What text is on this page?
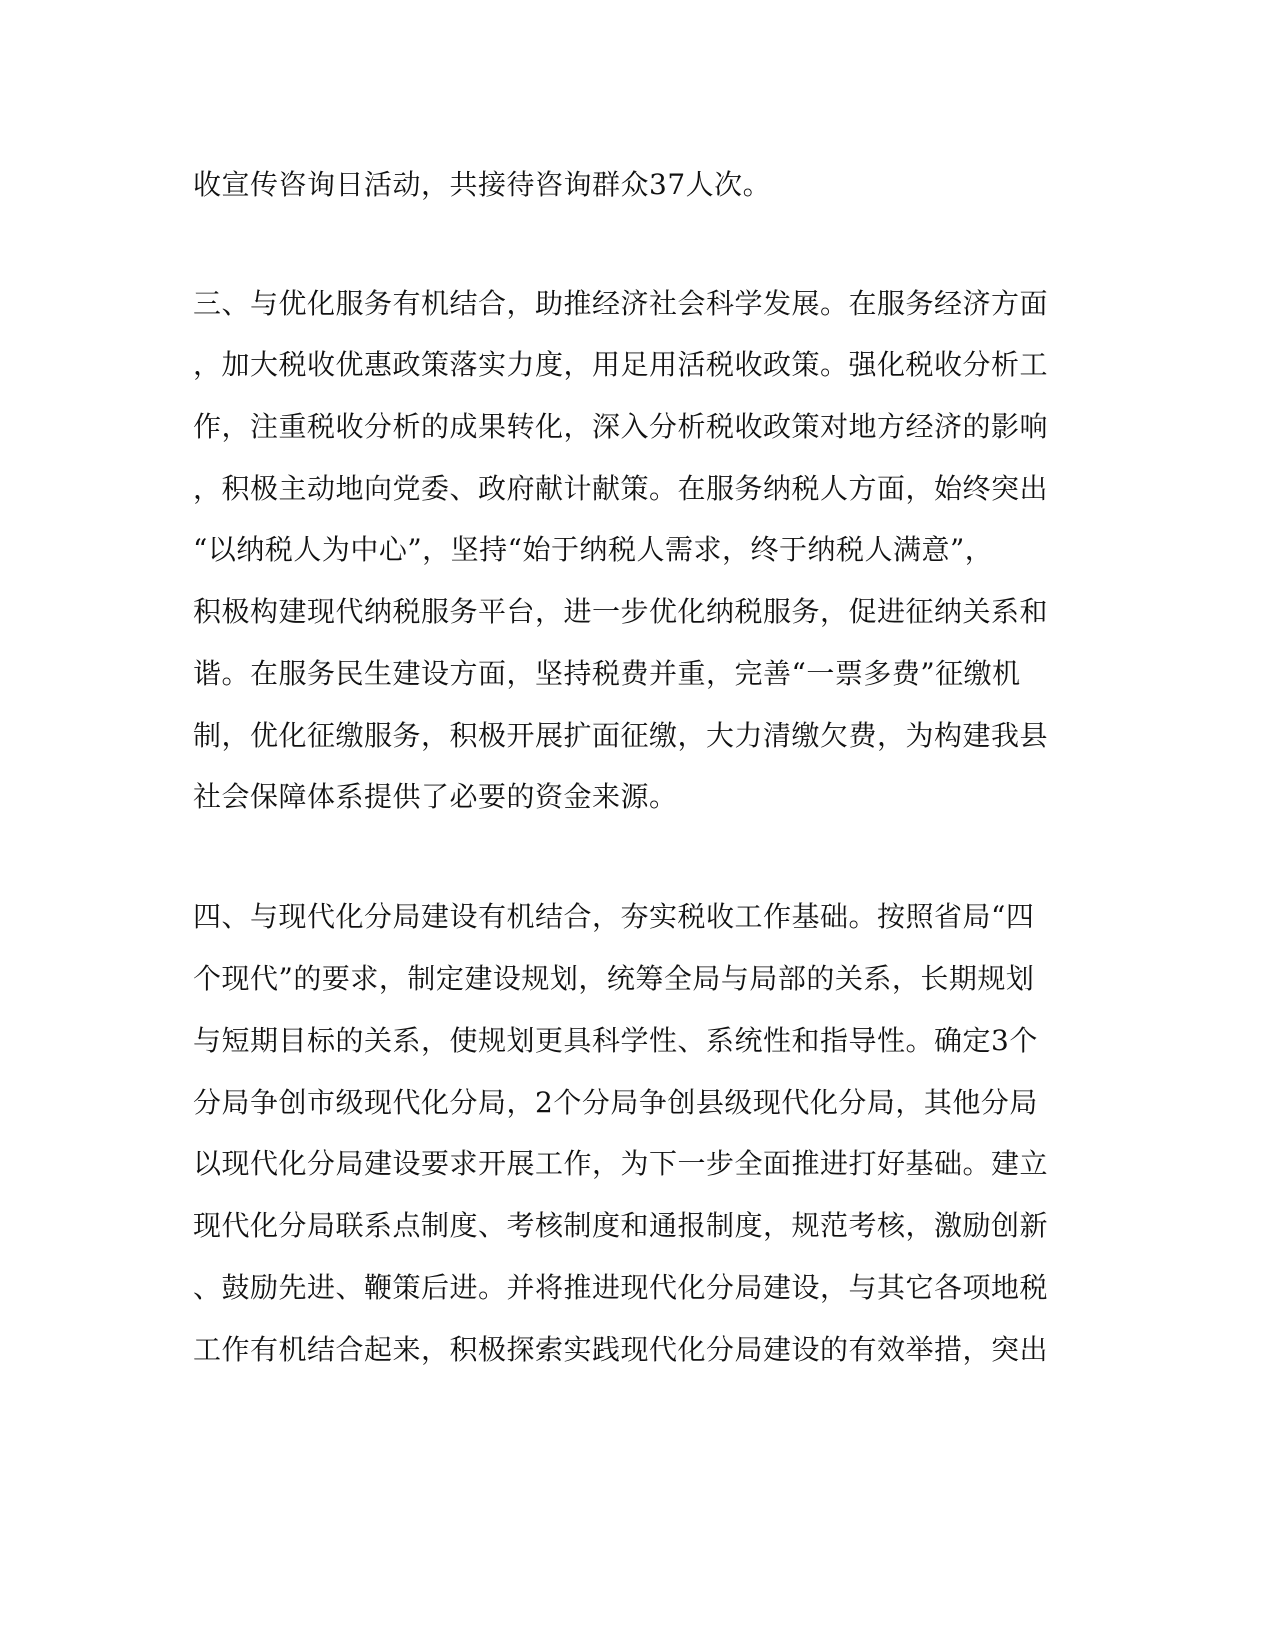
收宣传咨询日活动，共接待咨询群众37人次。
三、与优化服务有机结合，助推经济社会科学发展。在服务经济方面
，加大税收优惠政策落实力度，用足用活税收政策。强化税收分析工
作，注重税收分析的成果转化，深入分析税收政策对地方经济的影响
，积极主动地向党委、政府献计献策。在服务纳税人方面，始终突出
“以纳税人为中心”，坚持“始于纳税人需求，终于纳税人满意”，
积极构建现代纳税服务平台，进一步优化纳税服务，促进征纳关系和
谐。在服务民生建设方面，坚持税费并重，完善“一票多费”征缴机
制，优化征缴服务，积极开展扩面征缴，大力清缴欠费，为构建我县
社会保障体系提供了必要的资金来源。
四、与现代化分局建设有机结合，夯实税收工作基础。按照省局“四
个现代”的要求，制定建设规划，统筹全局与局部的关系，长期规划
与短期目标的关系，使规划更具科学性、系统性和指导性。确定3个
分局争创市级现代化分局，2个分局争创县级现代化分局，其他分局
以现代化分局建设要求开展工作，为下一步全面推进打好基础。建立
现代化分局联系点制度、考核制度和通报制度，规范考核，激励创新
、鼓励先进、鞭策后进。并将推进现代化分局建设，与其它各项地税
工作有机结合起来，积极探索实践现代化分局建设的有效举措，突出
